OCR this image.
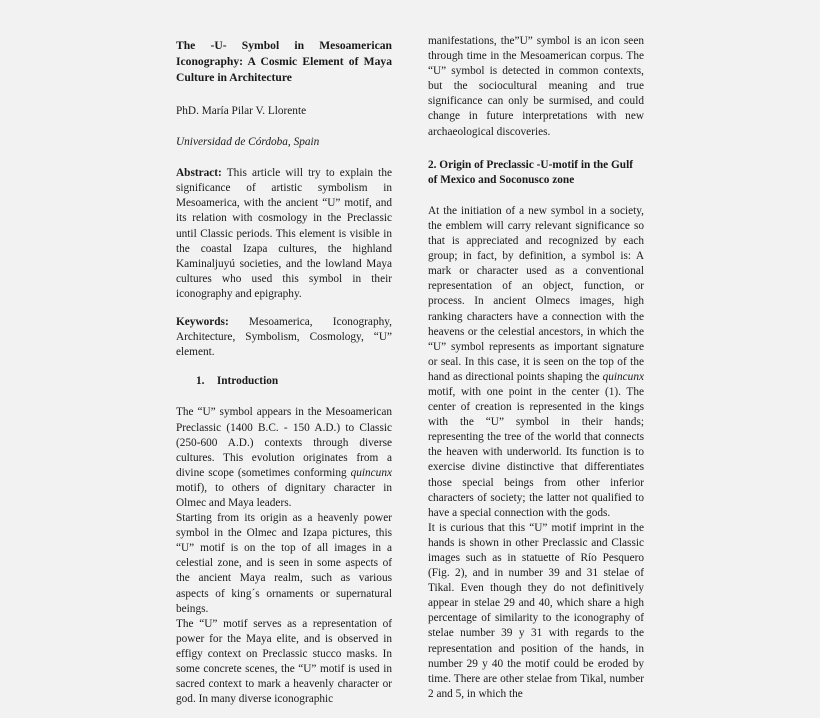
The -U- Symbol in Mesoamerican Iconography: A Cosmic Element of Maya Culture in Architecture

PhD. María Pilar V. Llorente

Universidad de Córdoba, Spain

Abstract: This article will try to explain the significance of artistic symbolism in Mesoamerica, with the ancient “U” motif, and its relation with cosmology in the Preclassic until Classic periods. This element is visible in the coastal Izapa cultures, the highland Kaminaljuyú societies, and the lowland Maya cultures who used this symbol in their iconography and epigraphy.

Keywords: Mesoamerica, Iconography, Architecture, Symbolism, Cosmology, “U” element.

1. Introduction

The “U” symbol appears in the Mesoamerican Preclassic (1400 B.C. - 150 A.D.) to Classic (250-600 A.D.) contexts through diverse cultures. This evolution originates from a divine scope (sometimes conforming quincunx motif), to others of dignitary character in Olmec and Maya leaders.

Starting from its origin as a heavenly power symbol in the Olmec and Izapa pictures, this “U” motif is on the top of all images in a celestial zone, and is seen in some aspects of the ancient Maya realm, such as various aspects of king´s ornaments or supernatural beings.

The “U” motif serves as a representation of power for the Maya elite, and is observed in effigy context on Preclassic stucco masks. In some concrete scenes, the “U” motif is used in sacred context to mark a heavenly character or god. In many diverse iconographic

manifestations, the”U” symbol is an icon seen through time in the Mesoamerican corpus. The “U” symbol is detected in common contexts, but the sociocultural meaning and true significance can only be surmised, and could change in future interpretations with new archaeological discoveries.

2. Origin of Preclassic -U-motif in the Gulf of Mexico and Soconusco zone

At the initiation of a new symbol in a society, the emblem will carry relevant significance so that is appreciated and recognized by each group; in fact, by definition, a symbol is: A mark or character used as a conventional representation of an object, function, or process. In ancient Olmecs images, high ranking characters have a connection with the heavens or the celestial ancestors, in which the “U” symbol represents as important signature or seal. In this case, it is seen on the top of the hand as directional points shaping the quincunx motif, with one point in the center (1). The center of creation is represented in the kings with the “U” symbol in their hands; representing the tree of the world that connects the heaven with underworld. Its function is to exercise divine distinctive that differentiates those special beings from other inferior characters of society; the latter not qualified to have a special connection with the gods.

It is curious that this “U” motif imprint in the hands is shown in other Preclassic and Classic images such as in statuette of Río Pesquero (Fig. 2), and in number 39 and 31 stelae of Tikal. Even though they do not definitively appear in stelae 29 and 40, which share a high percentage of similarity to the iconography of stelae number 39 y 31 with regards to the representation and position of the hands, in number 29 y 40 the motif could be eroded by time. There are other stelae from Tikal, number 2 and 5, in which the
